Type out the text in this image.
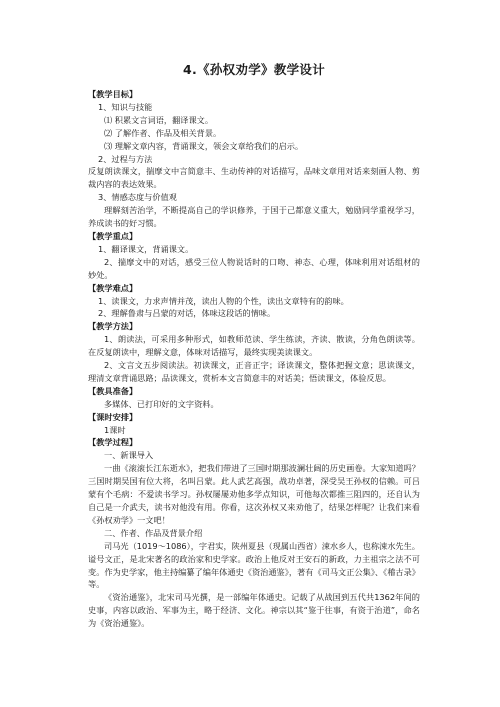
4.《孙权劝学》教学设计

【教学目标】

1、知识与技能

⑴ 积累文言词语，翻译课文。

⑵ 了解作者、作品及相关背景。

⑶ 理解文章内容，背诵课文，领会文章给我们的启示。

2、过程与方法

反复朗读课文，揣摩文中言简意丰、生动传神的对话描写，品味文章用对话来刻画人物、剪裁内容的表达效果。

3、情感态度与价值观

理解刻苦治学，不断提高自己的学识修养，于国于己都意义重大，勉励同学重视学习，养成读书的好习惯。

【教学重点】

1、翻译课文，背诵课文。

2、揣摩文中的对话，感受三位人物说话时的口吻、神态、心理，体味利用对话组材的妙处。

【教学难点】

1、读课文，力求声情并茂，读出人物的个性，读出文章特有的韵味。

2、理解鲁肃与吕蒙的对话，体味这段话的情味。

【教学方法】

1、朗读法，可采用多种形式，如教师范读、学生练读，齐读、散读，分角色朗读等。在反复朗读中，理解文意，体味对话描写，最终实现美读课文。

2、文言文五步阅读法。初读课文，正音正字；译读课文，整体把握文意；思读课文，理清文章背诵思路；品读课文，赏析本文言简意丰的对话美；悟读课文，体验反思。

【教具准备】

多媒体、已打印好的文字资料。

【课时安排】

1课时

【教学过程】

一、新课导入

一曲《滚滚长江东逝水》，把我们带进了三国时期那波澜壮阔的历史画卷。大家知道吗？三国时期吴国有位大将，名叫吕蒙。此人武艺高强，战功卓著，深受吴王孙权的信赖。可吕蒙有个毛病：不爱读书学习。孙权屡屡劝他多学点知识，可他每次都推三阻四的，还自认为自己是一介武夫，读书对他没有用。你看，这次孙权又来劝他了，结果怎样呢？让我们来看《孙权劝学》一文吧！

二、作者、作品及背景介绍

司马光（1019～1086），字君实，陕州夏县（现属山西省）涑水乡人，也称涑水先生。谥号文正，是北宋著名的政治家和史学家。政治上他反对王安石的新政，力主祖宗之法不可变。作为史学家，他主持编纂了编年体通史《资治通鉴》，著有《司马文正公集》、《稽古录》等。

《资治通鉴》，北宋司马光撰，是一部编年体通史。记载了从战国到五代共1362年间的史事，内容以政治、军事为主，略于经济、文化。神宗以其“鉴于往事，有资于治道”，命名为《资治通鉴》。
